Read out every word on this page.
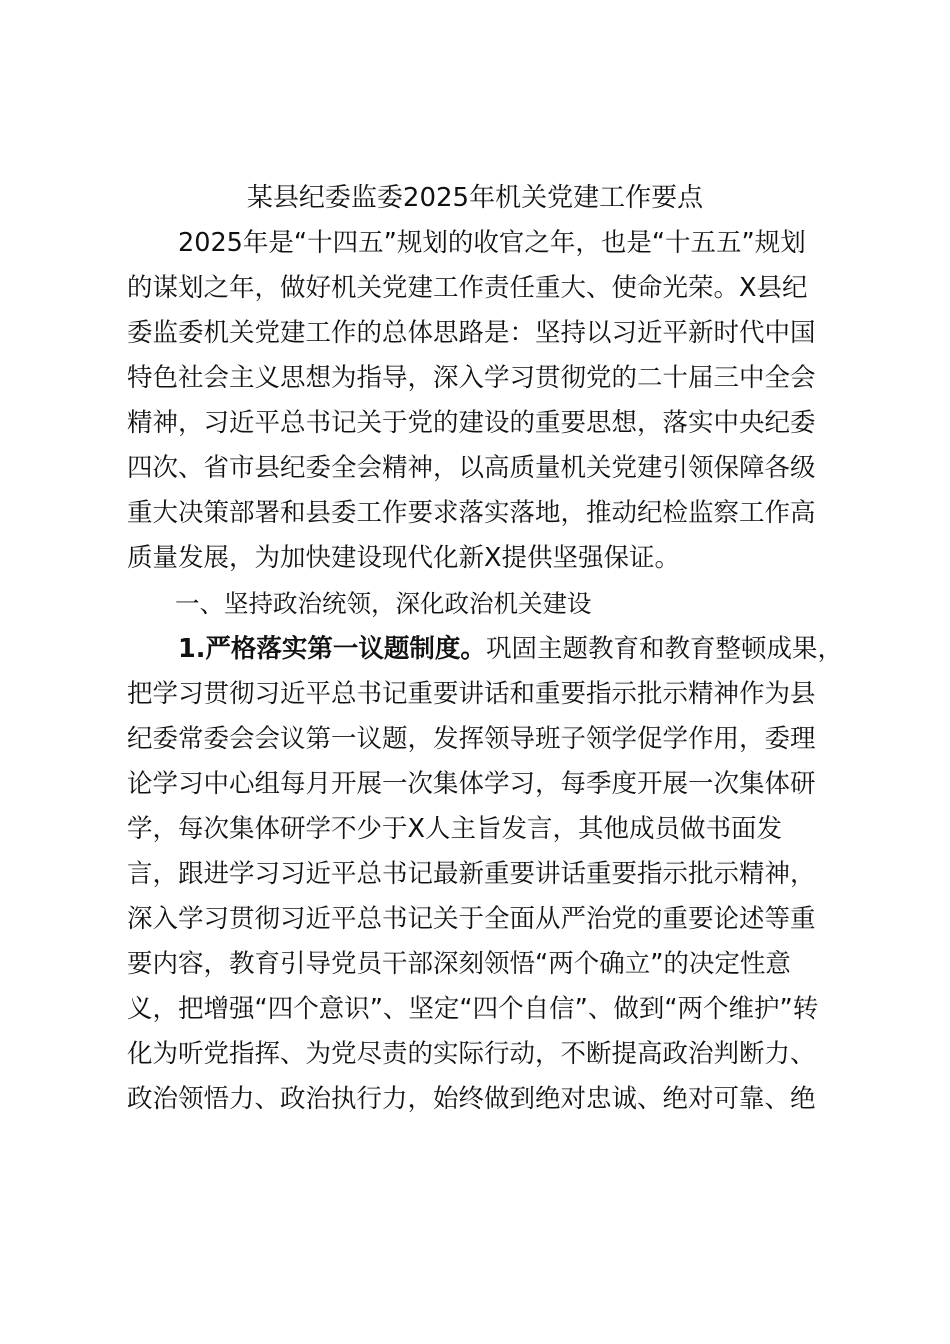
某县纪委监委2025年机关党建工作要点
2025年是“十四五”规划的收官之年，也是“十五五”规划
的谋划之年，做好机关党建工作责任重大、使命光荣。X县纪
委监委机关党建工作的总体思路是：坚持以习近平新时代中国
特色社会主义思想为指导，深入学习贯彻党的二十届三中全会
精神，习近平总书记关于党的建设的重要思想，落实中央纪委
四次、省市县纪委全会精神，以高质量机关党建引领保障各级
重大决策部署和县委工作要求落实落地，推动纪检监察工作高
质量发展，为加快建设现代化新X提供坚强保证。
一、坚持政治统领，深化政治机关建设
1.严格落实第一议题制度。巩固主题教育和教育整顿成果，
把学习贯彻习近平总书记重要讲话和重要指示批示精神作为县
纪委常委会会议第一议题，发挥领导班子领学促学作用，委理
论学习中心组每月开展一次集体学习，每季度开展一次集体研
学，每次集体研学不少于X人主旨发言，其他成员做书面发
言，跟进学习习近平总书记最新重要讲话重要指示批示精神，
深入学习贯彻习近平总书记关于全面从严治党的重要论述等重
要内容，教育引导党员干部深刻领悟“两个确立”的决定性意
义，把增强“四个意识”、坚定“四个自信”、做到“两个维护”转
化为听党指挥、为党尽责的实际行动，不断提高政治判断力、
政治领悟力、政治执行力，始终做到绝对忠诚、绝对可靠、绝
